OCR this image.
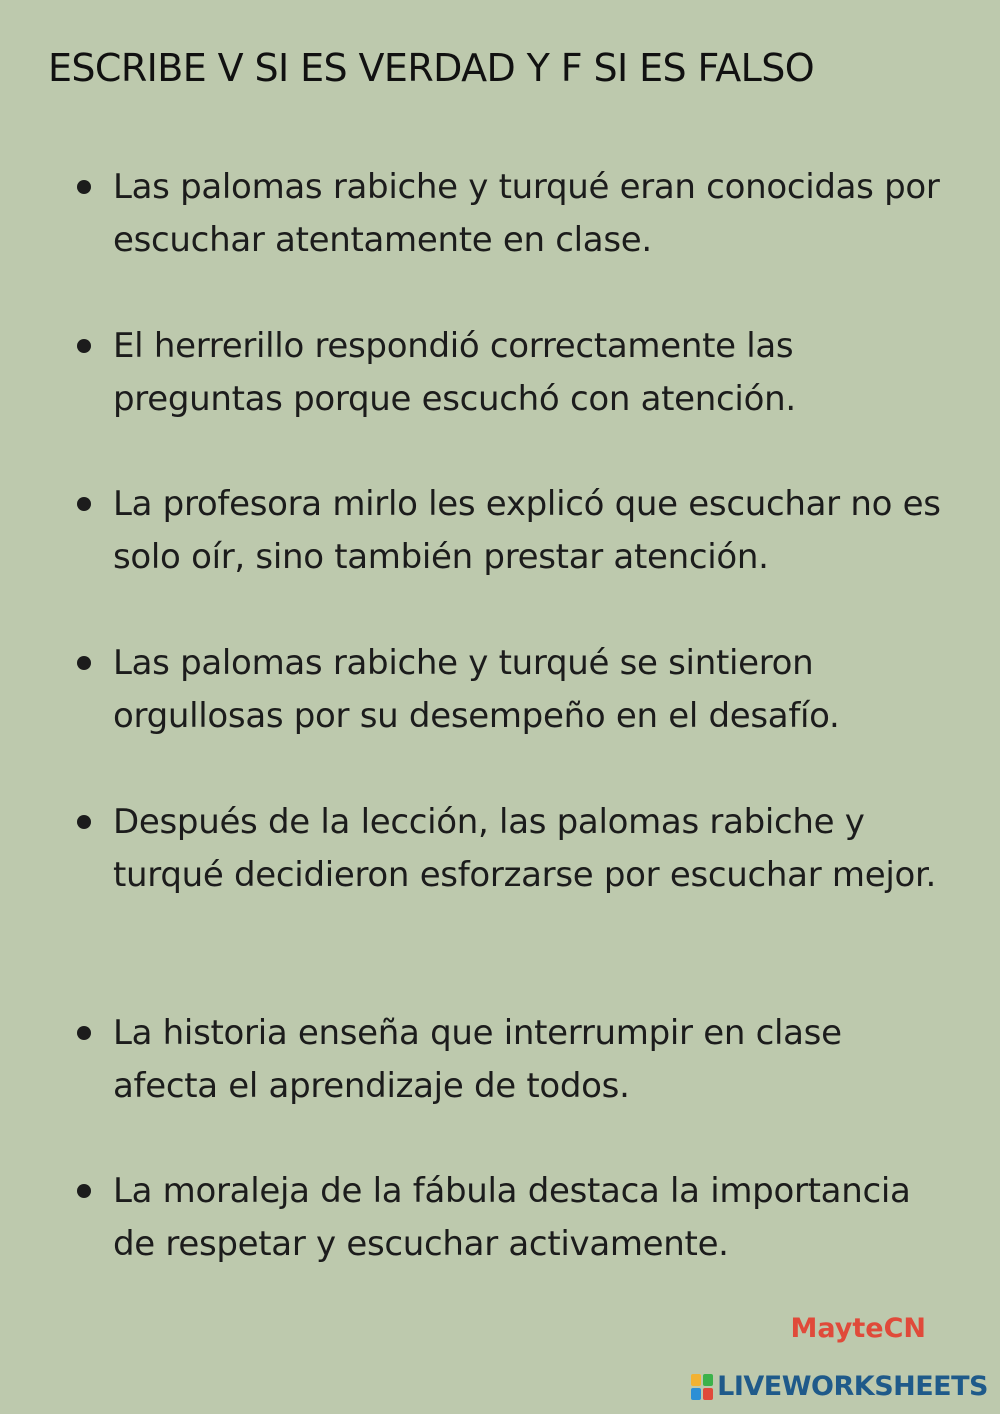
ESCRIBE V SI ES VERDAD Y F SI ES FALSO
Las palomas rabiche y turqué eran conocidas por escuchar atentamente en clase.
El herrerillo respondió correctamente las preguntas porque escuchó con atención.
La profesora mirlo les explicó que escuchar no es solo oír, sino también prestar atención.
Las palomas rabiche y turqué se sintieron orgullosas por su desempeño en el desafío.
Después de la lección, las palomas rabiche y turqué decidieron esforzarse por escuchar mejor.
La historia enseña que interrumpir en clase afecta el aprendizaje de todos.
La moraleja de la fábula destaca la importancia de respetar y escuchar activamente.
MayteCN
LIVEWORKSHEETS
